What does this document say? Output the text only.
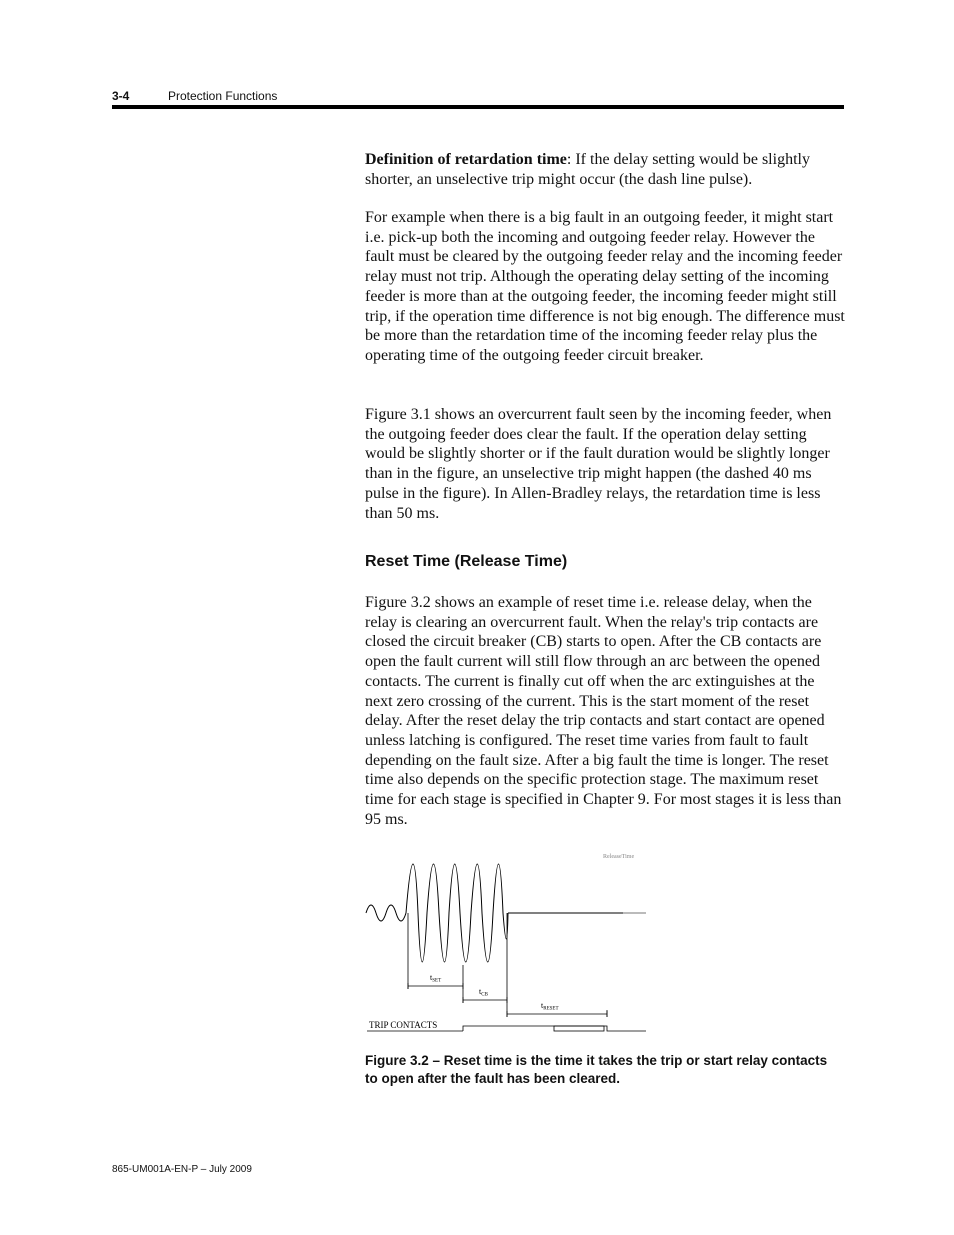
3-4	Protection Functions

Definition of retardation time: If the delay setting would be slightly shorter, an unselective trip might occur (the dash line pulse).

For example when there is a big fault in an outgoing feeder, it might start i.e. pick-up both the incoming and outgoing feeder relay. However the fault must be cleared by the outgoing feeder relay and the incoming feeder relay must not trip. Although the operating delay setting of the incoming feeder is more than at the outgoing feeder, the incoming feeder might still trip, if the operation time difference is not big enough. The difference must be more than the retardation time of the incoming feeder relay plus the operating time of the outgoing feeder circuit breaker.

Figure 3.1 shows an overcurrent fault seen by the incoming feeder, when the outgoing feeder does clear the fault. If the operation delay setting would be slightly shorter or if the fault duration would be slightly longer than in the figure, an unselective trip might happen (the dashed 40 ms pulse in the figure). In Allen-Bradley relays, the retardation time is less than 50 ms.

Reset Time (Release Time)

Figure 3.2 shows an example of reset time i.e. release delay, when the relay is clearing an overcurrent fault. When the relay's trip contacts are closed the circuit breaker (CB) starts to open. After the CB contacts are open the fault current will still flow through an arc between the opened contacts. The current is finally cut off when the arc extinguishes at the next zero crossing of the current. This is the start moment of the reset delay. After the reset delay the trip contacts and start contact are opened unless latching is configured. The reset time varies from fault to fault depending on the fault size. After a big fault the time is longer. The reset time also depends on the specific protection stage. The maximum reset time for each stage is specified in Chapter 9. For most stages it is less than 95 ms.

ReleaseTime
tSET
tCB
tRESET
TRIP CONTACTS
Figure 3.2 – Reset time is the time it takes the trip or start relay contacts to open after the fault has been cleared.
865-UM001A-EN-P – July 2009
